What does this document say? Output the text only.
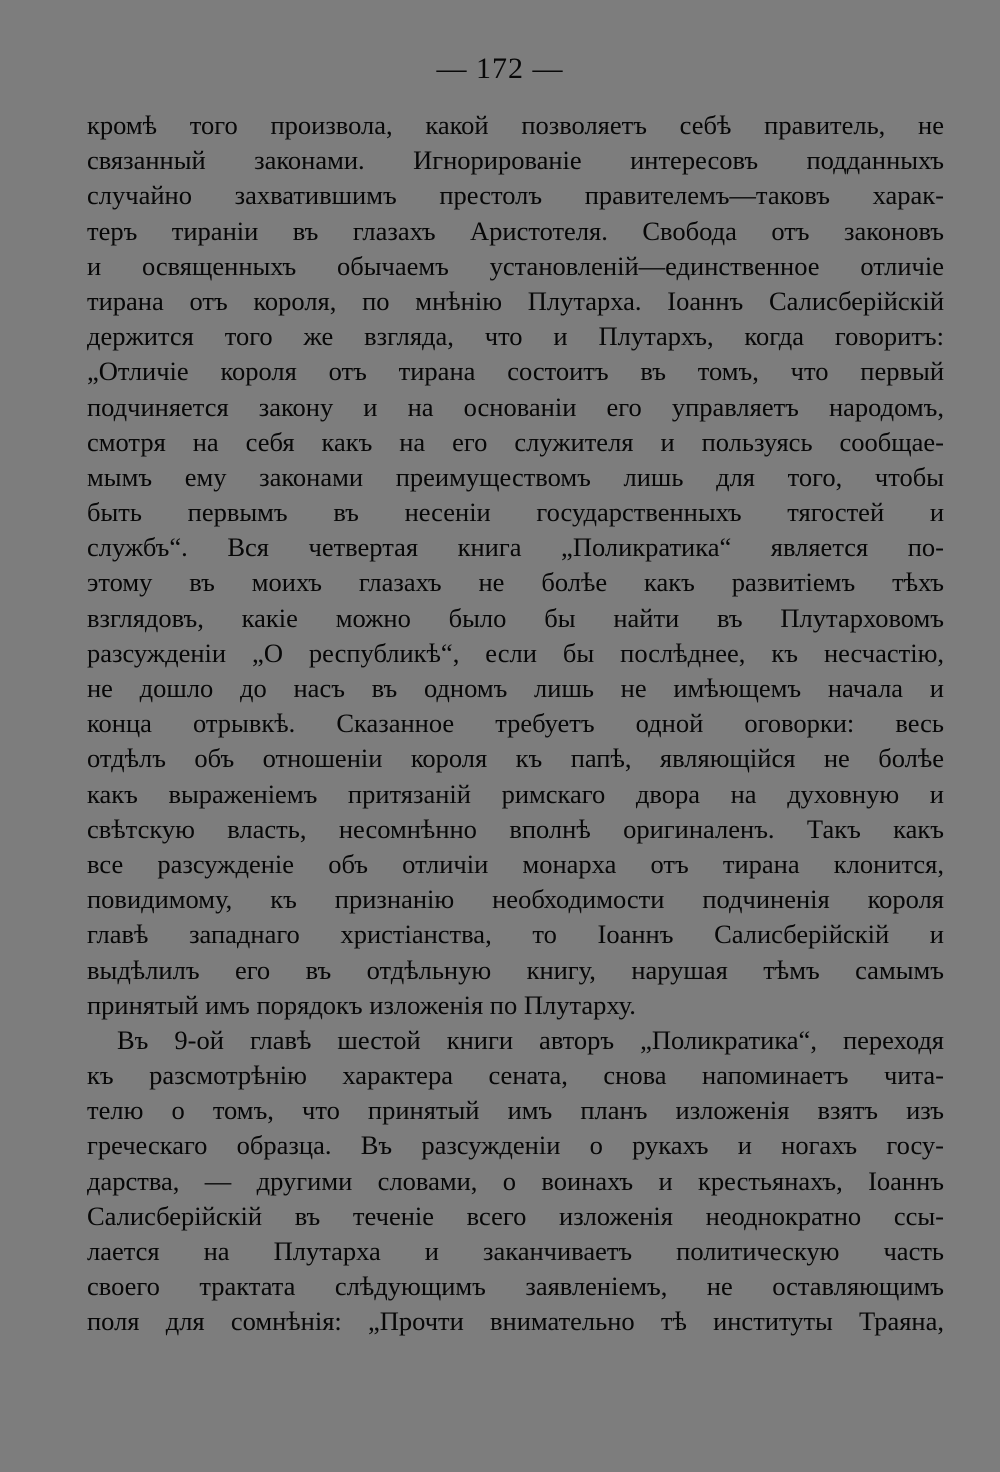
— 172 —
кромѣ того произвола, какой позволяетъ себѣ правитель, не
связанный законами. Игнорированіе интересовъ подданныхъ
случайно захватившимъ престолъ правителемъ—таковъ харак-
теръ тираніи въ глазахъ Аристотеля. Свобода отъ законовъ
и освященныхъ обычаемъ установленій—единственное отличіе
тирана отъ короля, по мнѣнію Плутарха. Іоаннъ Салисберійскій
держится того же взгляда, что и Плутархъ, когда говоритъ:
„Отличіе короля отъ тирана состоитъ въ томъ, что первый
подчиняется закону и на основаніи его управляетъ народомъ,
смотря на себя какъ на его служителя и пользуясь сообщае-
мымъ ему законами преимуществомъ лишь для того, чтобы
быть первымъ въ несеніи государственныхъ тягостей и
службъ“. Вся четвертая книга „Поликратика“ является по-
этому въ моихъ глазахъ не болѣе какъ развитіемъ тѣхъ
взглядовъ, какіе можно было бы найти въ Плутарховомъ
разсужденіи „О республикѣ“, если бы послѣднее, къ несчастію,
не дошло до насъ въ одномъ лишь не имѣющемъ начала и
конца отрывкѣ. Сказанное требуетъ одной оговорки: весь
отдѣлъ объ отношеніи короля къ папѣ, являющійся не болѣе
какъ выраженіемъ притязаній римскаго двора на духовную и
свѣтскую власть, несомнѣнно вполнѣ оригиналенъ. Такъ какъ
все разсужденіе объ отличіи монарха отъ тирана клонится,
повидимому, къ признанію необходимости подчиненія короля
главѣ западнаго христіанства, то Іоаннъ Салисберійскій и
выдѣлилъ его въ отдѣльную книгу, нарушая тѣмъ самымъ
принятый имъ порядокъ изложенія по Плутарху.
Въ 9-ой главѣ шестой книги авторъ „Поликратика“, переходя
къ разсмотрѣнію характера сената, снова напоминаетъ чита-
телю о томъ, что принятый имъ планъ изложенія взятъ изъ
греческаго образца. Въ разсужденіи о рукахъ и ногахъ госу-
дарства, — другими словами, о воинахъ и крестьянахъ, Іоаннъ
Салисберійскій въ теченіе всего изложенія неоднократно ссы-
лается на Плутарха и заканчиваетъ политическую часть
своего трактата слѣдующимъ заявленіемъ, не оставляющимъ
поля для сомнѣнія: „Прочти внимательно тѣ институты Траяна,
